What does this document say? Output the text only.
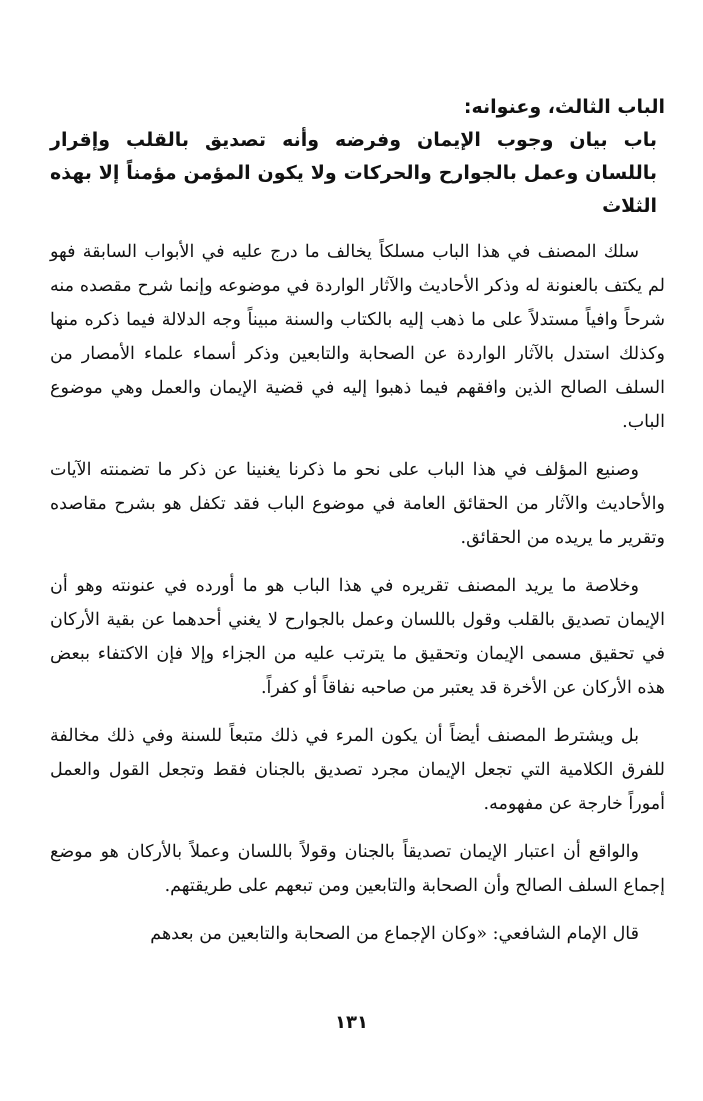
الباب الثالث، وعنوانه:
باب بيان وجوب الإيمان وفرضه وأنه تصديق بالقلب وإقرار باللسان وعمل بالجوارح والحركات ولا يكون المؤمن مؤمناً إلا بهذه الثلاث

سلك المصنف في هذا الباب مسلكاً يخالف ما درج عليه في الأبواب السابقة فهو لم يكتف بالعنونة له وذكر الأحاديث والآثار الواردة في موضوعه وإنما شرح مقصده منه شرحاً وافياً مستدلاً على ما ذهب إليه بالكتاب والسنة مبيناً وجه الدلالة فيما ذكره منها وكذلك استدل بالآثار الواردة عن الصحابة والتابعين وذكر أسماء علماء الأمصار من السلف الصالح الذين وافقهم فيما ذهبوا إليه في قضية الإيمان والعمل وهي موضوع الباب.

وصنيع المؤلف في هذا الباب على نحو ما ذكرنا يغنينا عن ذكر ما تضمنته الآيات والأحاديث والآثار من الحقائق العامة في موضوع الباب فقد تكفل هو بشرح مقاصده وتقرير ما يريده من الحقائق.

وخلاصة ما يريد المصنف تقريره في هذا الباب هو ما أورده في عنونته وهو أن الإيمان تصديق بالقلب وقول باللسان وعمل بالجوارح لا يغني أحدهما عن بقية الأركان في تحقيق مسمى الإيمان وتحقيق ما يترتب عليه من الجزاء وإلا فإن الاكتفاء ببعض هذه الأركان عن الأخرة قد يعتبر من صاحبه نفاقاً أو كفراً.

بل ويشترط المصنف أيضاً أن يكون المرء في ذلك متبعاً للسنة وفي ذلك مخالفة للفرق الكلامية التي تجعل الإيمان مجرد تصديق بالجنان فقط وتجعل القول والعمل أموراً خارجة عن مفهومه.

والواقع أن اعتبار الإيمان تصديقاً بالجنان وقولاً باللسان وعملاً بالأركان هو موضع إجماع السلف الصالح وأن الصحابة والتابعين ومن تبعهم على طريقتهم.

قال الإمام الشافعي: «وكان الإجماع من الصحابة والتابعين من بعدهم

١٣١
